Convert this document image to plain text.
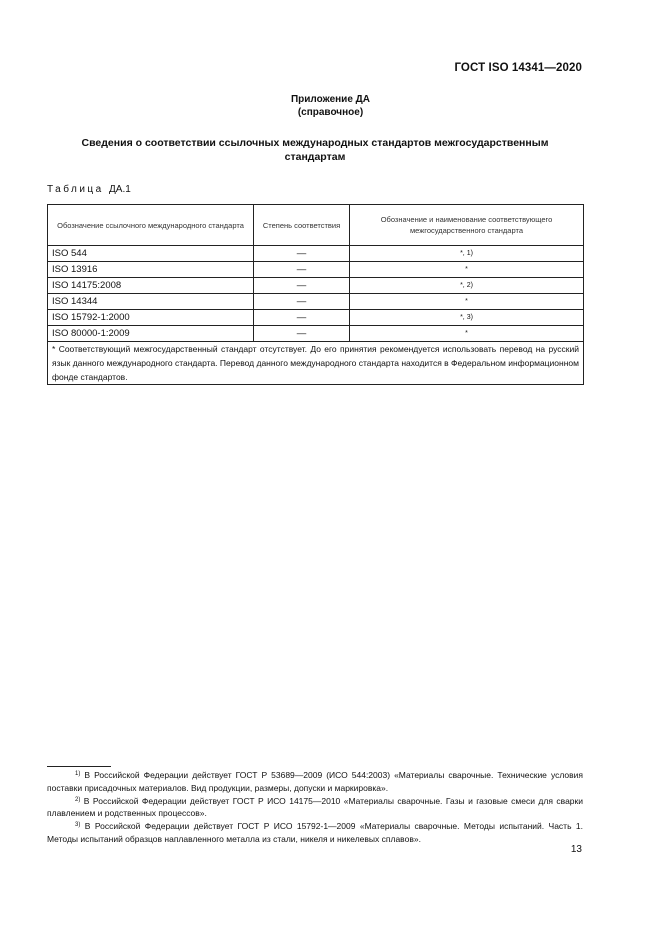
ГОСТ ISO 14341—2020
Приложение ДА
(справочное)
Сведения о соответствии ссылочных международных стандартов межгосударственным стандартам
Таблица ДА.1
Обозначение ссылочного международного стандарта	Степень соответствия	Обозначение и наименование соответствующего межгосударственного стандарта
ISO 544	—	*, 1)
ISO 13916	—	*
ISO 14175:2008	—	*, 2)
ISO 14344	—	*
ISO 15792-1:2000	—	*, 3)
ISO 80000-1:2009	—	*
* Соответствующий межгосударственный стандарт отсутствует. До его принятия рекомендуется использовать перевод на русский язык данного международного стандарта. Перевод данного международного стандарта находится в Федеральном информационном фонде стандартов.		

$^{1)}$ В Российской Федерации действует ГОСТ Р 53689—2009 (ИСО 544:2003) «Материалы сварочные. Технические условия поставки присадочных материалов. Вид продукции, размеры, допуски и маркировка».

$^{2)}$ В Российской Федерации действует ГОСТ Р ИСО 14175—2010 «Материалы сварочные. Газы и газовые смеси для сварки плавлением и родственных процессов».

$^{3)}$ В Российской Федерации действует ГОСТ Р ИСО 15792-1—2009 «Материалы сварочные. Методы испытаний. Часть 1. Методы испытаний образцов наплавленного металла из стали, никеля и никелевых сплавов».

13
